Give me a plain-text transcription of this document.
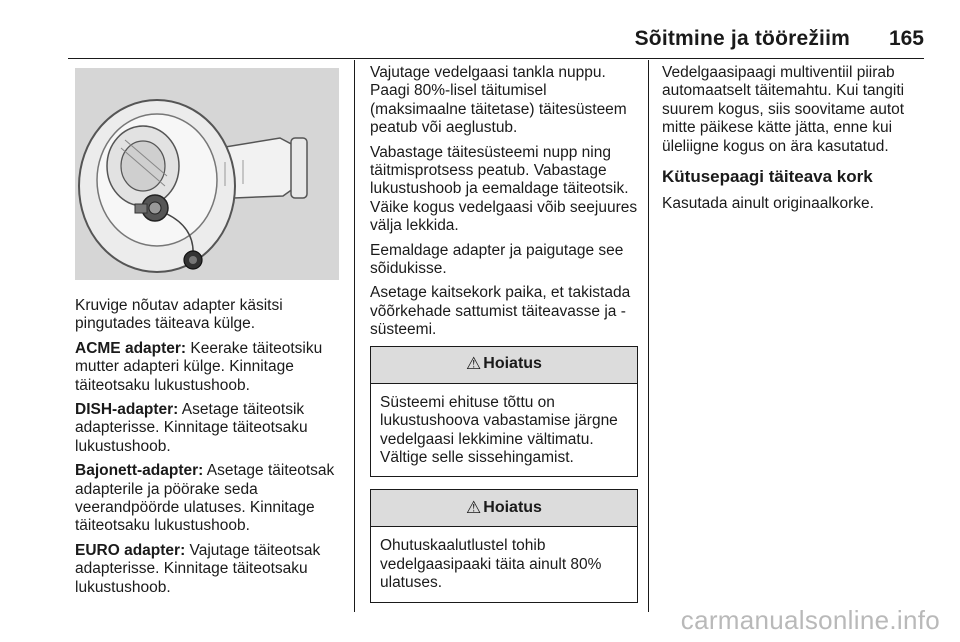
Sõitmine ja töörežiim 165

Kruvige nõutav adapter käsitsi pingutades täiteava külge.

ACME adapter: Keerake täiteotsiku mutter adapteri külge. Kinnitage täiteotsaku lukustushoob.

DISH-adapter: Asetage täiteotsik adapterisse. Kinnitage täiteotsaku lukustushoob.

Bajonett-adapter: Asetage täiteotsak adapterile ja pöörake seda veerandpöörde ulatuses. Kinnitage täiteotsaku lukustushoob.

EURO adapter: Vajutage täiteotsak adapterisse. Kinnitage täiteotsaku lukustushoob.

Vajutage vedelgaasi tankla nuppu. Paagi 80%-lisel täitumisel (maksimaalne täitetase) täitesüsteem peatub või aeglustub.

Vabastage täitesüsteemi nupp ning täitmisprotsess peatub. Vabastage lukustushoob ja eemaldage täiteotsik. Väike kogus vedelgaasi võib seejuures välja lekkida.

Eemaldage adapter ja paigutage see sõidukisse.

Asetage kaitsekork paika, et takistada võõrkehade sattumist täiteavasse ja -süsteemi.

⚠ Hoiatus
Süsteemi ehituse tõttu on lukustushoova vabastamise järgne vedelgaasi lekkimine vältimatu. Vältige selle sissehingamist.
⚠ Hoiatus
Ohutuskaalutlustel tohib vedelgaasipaaki täita ainult 80% ulatuses.

Vedelgaasipaagi multiventiil piirab automaatselt täitemahtu. Kui tangiti suurem kogus, siis soovitame autot mitte päikese kätte jätta, enne kui üleliigne kogus on ära kasutatud.

Kütusepaagi täiteava kork

Kasutada ainult originaalkorke.

carmanualsonline.info
